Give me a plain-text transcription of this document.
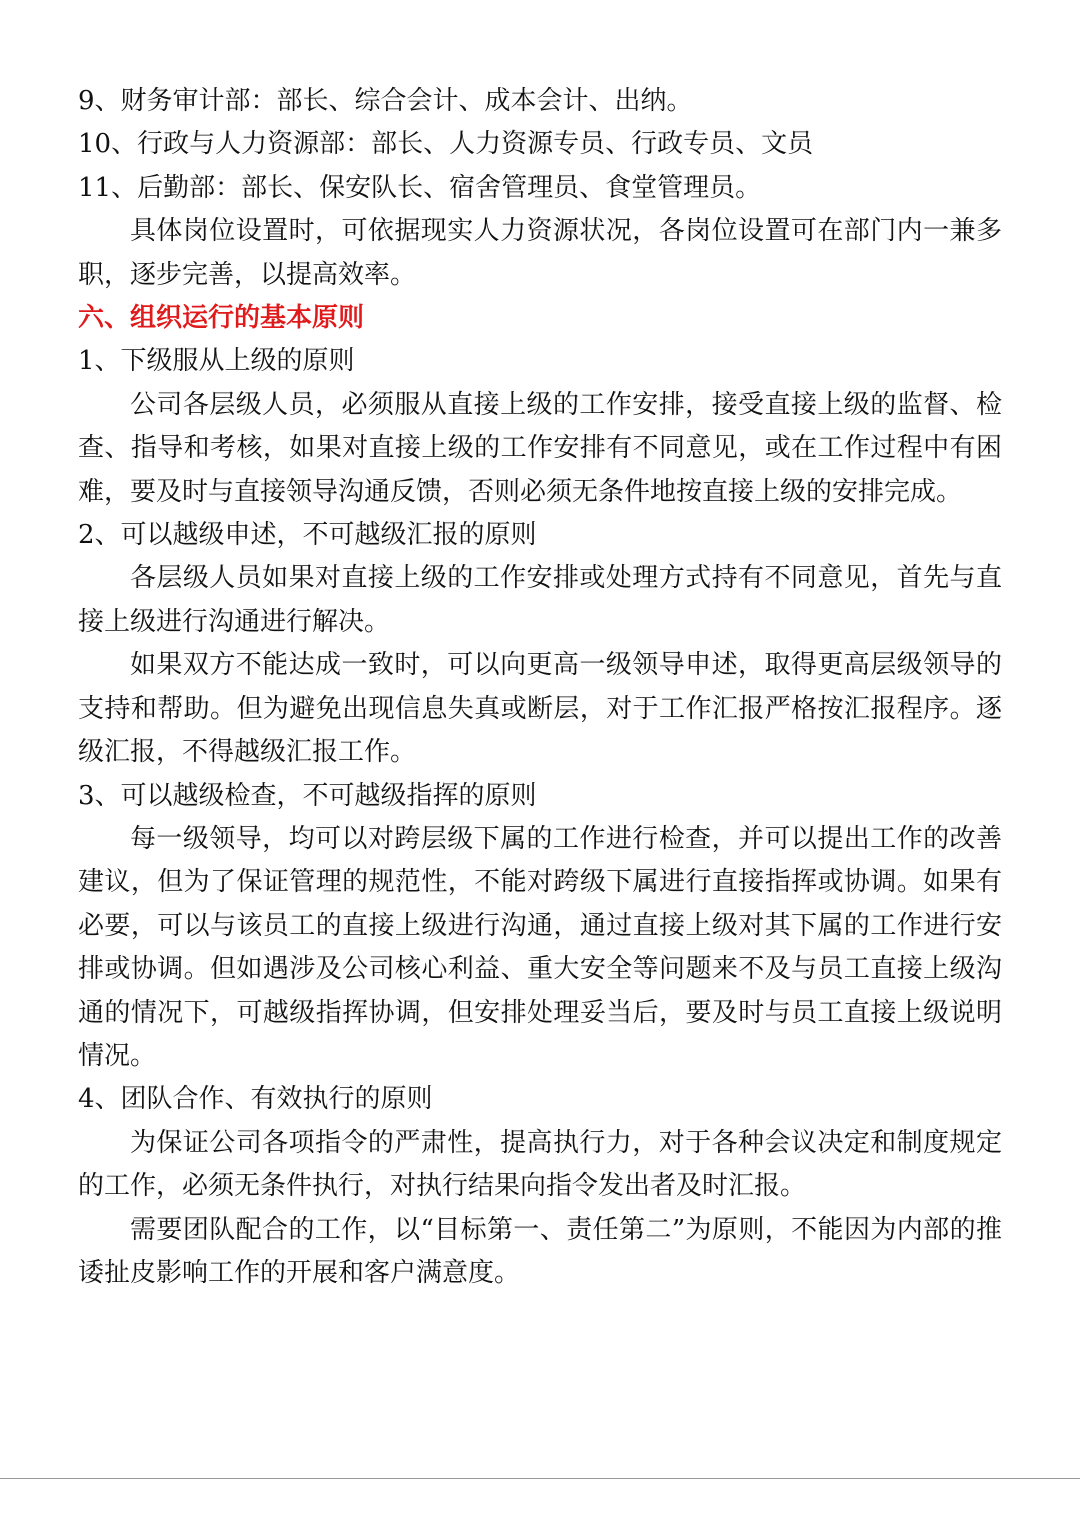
9、财务审计部：部长、综合会计、成本会计、出纳。

10、行政与人力资源部：部长、人力资源专员、行政专员、文员

11、后勤部：部长、保安队长、宿舍管理员、食堂管理员。

具体岗位设置时，可依据现实人力资源状况，各岗位设置可在部门内一兼多职，逐步完善，以提高效率。

六、组织运行的基本原则

1、下级服从上级的原则

公司各层级人员，必须服从直接上级的工作安排，接受直接上级的监督、检查、指导和考核，如果对直接上级的工作安排有不同意见，或在工作过程中有困难，要及时与直接领导沟通反馈，否则必须无条件地按直接上级的安排完成。

2、可以越级申述，不可越级汇报的原则

各层级人员如果对直接上级的工作安排或处理方式持有不同意见，首先与直接上级进行沟通进行解决。

如果双方不能达成一致时，可以向更高一级领导申述，取得更高层级领导的支持和帮助。但为避免出现信息失真或断层，对于工作汇报严格按汇报程序。逐级汇报，不得越级汇报工作。

3、可以越级检查，不可越级指挥的原则

每一级领导，均可以对跨层级下属的工作进行检查，并可以提出工作的改善建议，但为了保证管理的规范性，不能对跨级下属进行直接指挥或协调。如果有必要，可以与该员工的直接上级进行沟通，通过直接上级对其下属的工作进行安排或协调。但如遇涉及公司核心利益、重大安全等问题来不及与员工直接上级沟通的情况下，可越级指挥协调，但安排处理妥当后，要及时与员工直接上级说明情况。

4、团队合作、有效执行的原则

为保证公司各项指令的严肃性，提高执行力，对于各种会议决定和制度规定的工作，必须无条件执行，对执行结果向指令发出者及时汇报。

需要团队配合的工作，以“目标第一、责任第二”为原则，不能因为内部的推诿扯皮影响工作的开展和客户满意度。
